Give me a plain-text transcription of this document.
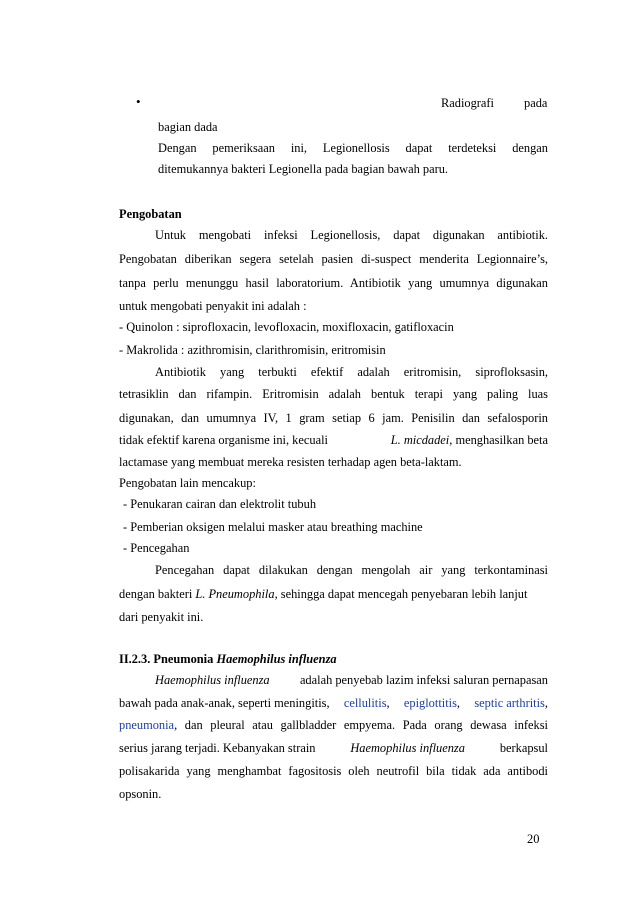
•	Radiografi pada
bagian dada
Dengan pemeriksaan ini, Legionellosis dapat terdeteksi dengan
ditemukannya bakteri Legionella pada bagian bawah paru.
Pengobatan
Untuk mengobati infeksi Legionellosis, dapat digunakan antibiotik.
Pengobatan diberikan segera setelah pasien di-suspect menderita Legionnaire’s,
tanpa perlu menunggu hasil laboratorium. Antibiotik yang umumnya digunakan
untuk mengobati penyakit ini adalah :
- Quinolon : siprofloxacin, levofloxacin, moxifloxacin, gatifloxacin
- Makrolida : azithromisin, clarithromisin, eritromisin
Antibiotik yang terbukti efektif adalah eritromisin, siprofloksasin,
tetrasiklin dan rifampin. Eritromisin adalah bentuk terapi yang paling luas
digunakan, dan umumnya IV, 1 gram setiap 6 jam. Penisilin dan sefalosporin
tidak efektif karena organisme ini, kecuali	L. micdadei, menghasilkan beta
lactamase yang membuat mereka resisten terhadap agen beta-laktam.
Pengobatan lain mencakup:
- Penukaran cairan dan elektrolit tubuh
- Pemberian oksigen melalui masker atau breathing machine
- Pencegahan
Pencegahan dapat dilakukan dengan mengolah air yang terkontaminasi
dengan bakteri L. Pneumophila, sehingga dapat mencegah penyebaran lebih lanjut
dari penyakit ini.
II.2.3. Pneumonia Haemophilus influenza
Haemophilus influenza adalah penyebab lazim infeksi saluran pernapasan
bawah pada anak-anak, seperti meningitis, cellulitis, epiglottitis, septic arthritis,
pneumonia , dan pleural atau gallbladder empyema. Pada orang dewasa infeksi
serius jarang terjadi. Kebanyakan strain	Haemophilus influenza	berkapsul
polisakarida yang menghambat fagositosis oleh neutrofil bila tidak ada antibodi
opsonin.
20
